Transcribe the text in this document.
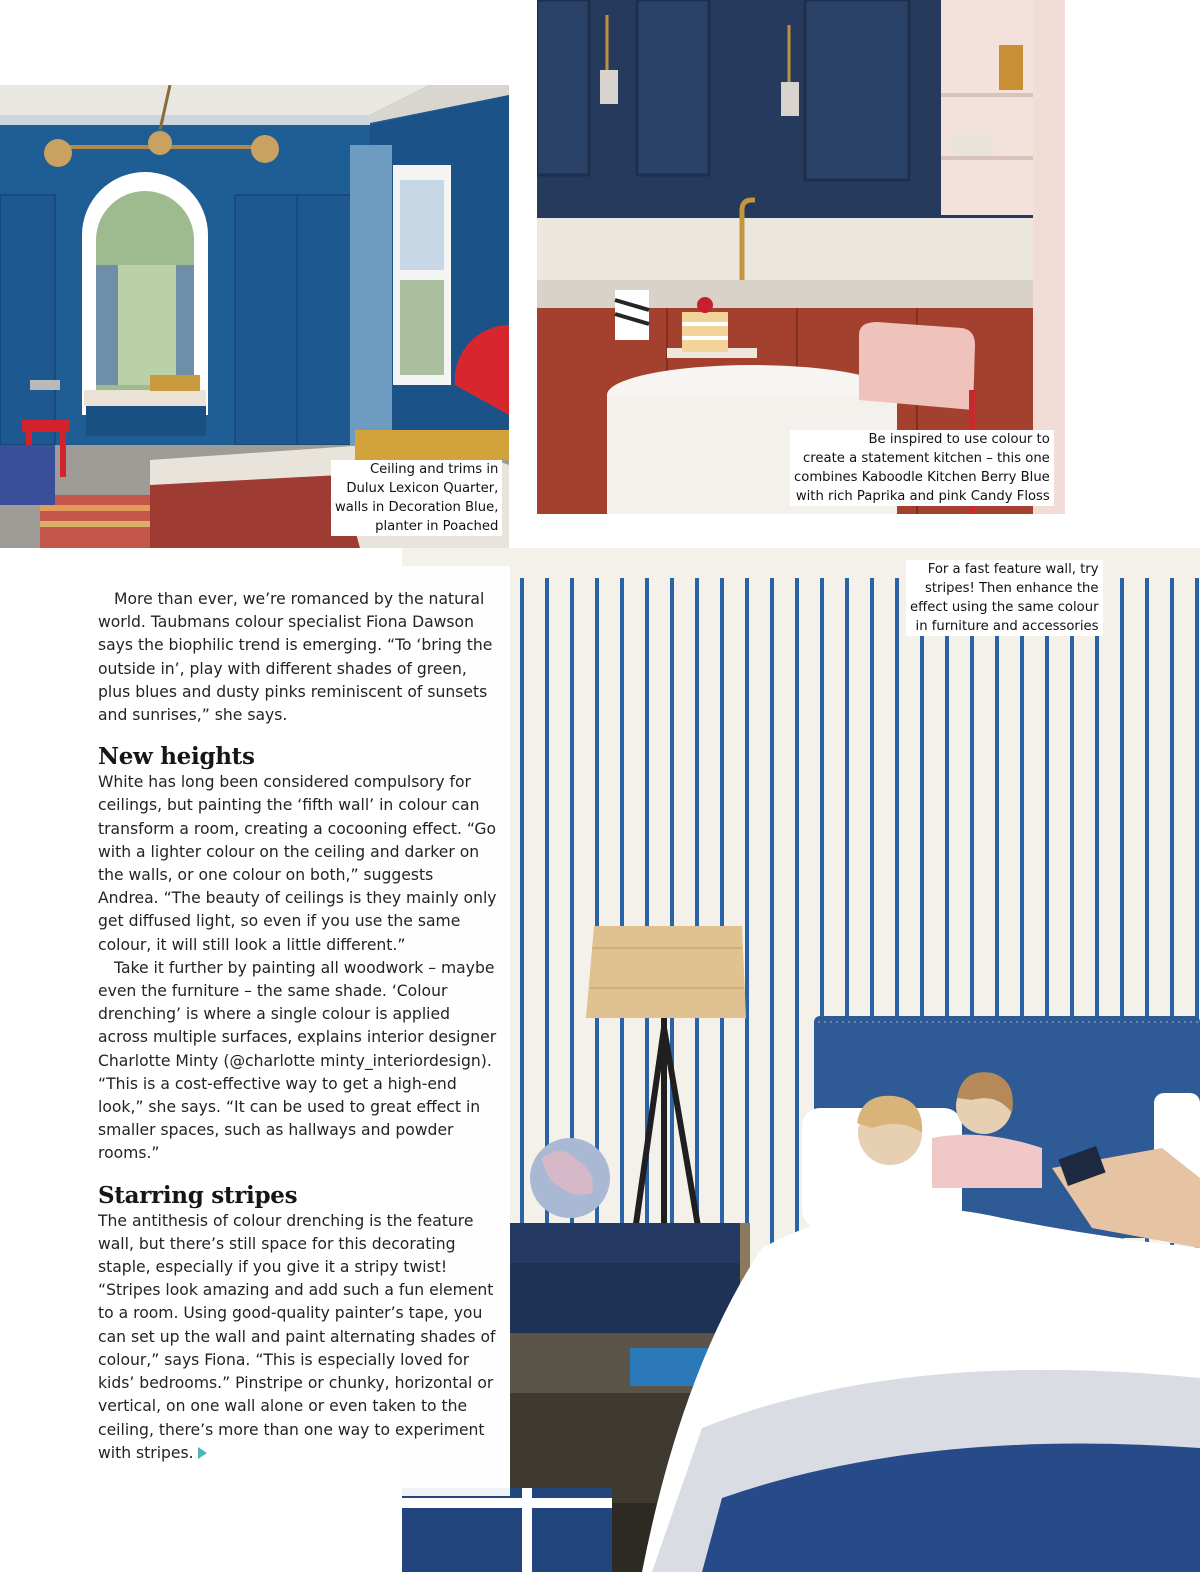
Ceiling and trims in
Dulux Lexicon Quarter,
walls in Decoration Blue,
planter in Poached
Be inspired to use colour to
create a statement kitchen – this one
combines Kaboodle Kitchen Berry Blue
with rich Paprika and pink Candy Floss
For a fast feature wall, try
stripes! Then enhance the
effect using the same colour
in furniture and accessories

More than ever, we’re romanced by the natural world. Taubmans colour specialist Fiona Dawson says the biophilic trend is emerging. “To ‘bring the outside in’, play with different shades of green, plus blues and dusty pinks reminiscent of sunsets and sunrises,” she says.

New heights

White has long been considered compulsory for ceilings, but painting the ‘fifth wall’ in colour can transform a room, creating a cocooning effect. “Go with a lighter colour on the ceiling and darker on the walls, or one colour on both,” suggests Andrea. “The beauty of ceilings is they mainly only get diffused light, so even if you use the same colour, it will still look a little different.”

Take it further by painting all woodwork – maybe even the furniture – the same shade. ‘Colour drenching’ is where a single colour is applied across multiple surfaces, explains interior designer Charlotte Minty (@charlotte minty_interiordesign). “This is a cost-effective way to get a high-end look,” she says. “It can be used to great effect in smaller spaces, such as hallways and powder rooms.”

Starring stripes

The antithesis of colour drenching is the feature wall, but there’s still space for this decorating staple, especially if you give it a stripy twist! “Stripes look amazing and add such a fun element to a room. Using good-quality painter’s tape, you can set up the wall and paint alternating shades of colour,” says Fiona. “This is especially loved for kids’ bedrooms.” Pinstripe or chunky, horizontal or vertical, on one wall alone or even taken to the ceiling, there’s more than one way to experiment with stripes.
